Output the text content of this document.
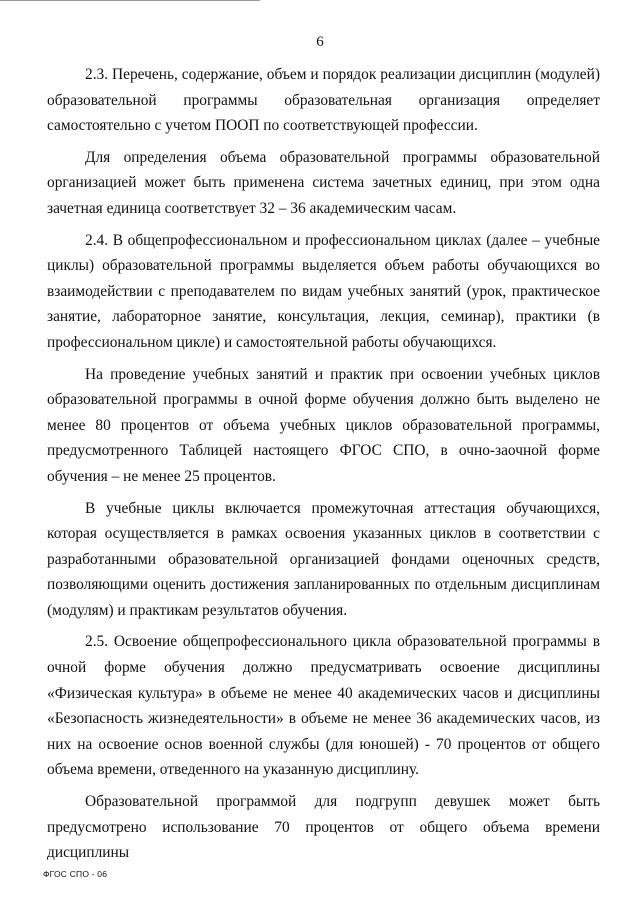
6

2.3. Перечень, содержание, объем и порядок реализации дисциплин (модулей) образовательной программы образовательная организация определяет самостоятельно с учетом ПООП по соответствующей профессии.

Для определения объема образовательной программы образовательной организацией может быть применена система зачетных единиц, при этом одна зачетная единица соответствует 32 – 36 академическим часам.

2.4. В общепрофессиональном и профессиональном циклах (далее – учебные циклы) образовательной программы выделяется объем работы обучающихся во взаимодействии с преподавателем по видам учебных занятий (урок, практическое занятие, лабораторное занятие, консультация, лекция, семинар), практики (в профессиональном цикле) и самостоятельной работы обучающихся.

На проведение учебных занятий и практик при освоении учебных циклов образовательной программы в очной форме обучения должно быть выделено не менее 80 процентов от объема учебных циклов образовательной программы, предусмотренного Таблицей настоящего ФГОС СПО, в очно-заочной форме обучения – не менее 25 процентов.

В учебные циклы включается промежуточная аттестация обучающихся, которая осуществляется в рамках освоения указанных циклов в соответствии с разработанными образовательной организацией фондами оценочных средств, позволяющими оценить достижения запланированных по отдельным дисциплинам (модулям) и практикам результатов обучения.

2.5. Освоение общепрофессионального цикла образовательной программы в очной форме обучения должно предусматривать освоение дисциплины «Физическая культура» в объеме не менее 40 академических часов и дисциплины «Безопасность жизнедеятельности» в объеме не менее 36 академических часов, из них на освоение основ военной службы (для юношей) - 70 процентов от общего объема времени, отведенного на указанную дисциплину.

Образовательной программой для подгрупп девушек может быть предусмотрено использование 70 процентов от общего объема времени дисциплины

ФГОС СПО - 06
